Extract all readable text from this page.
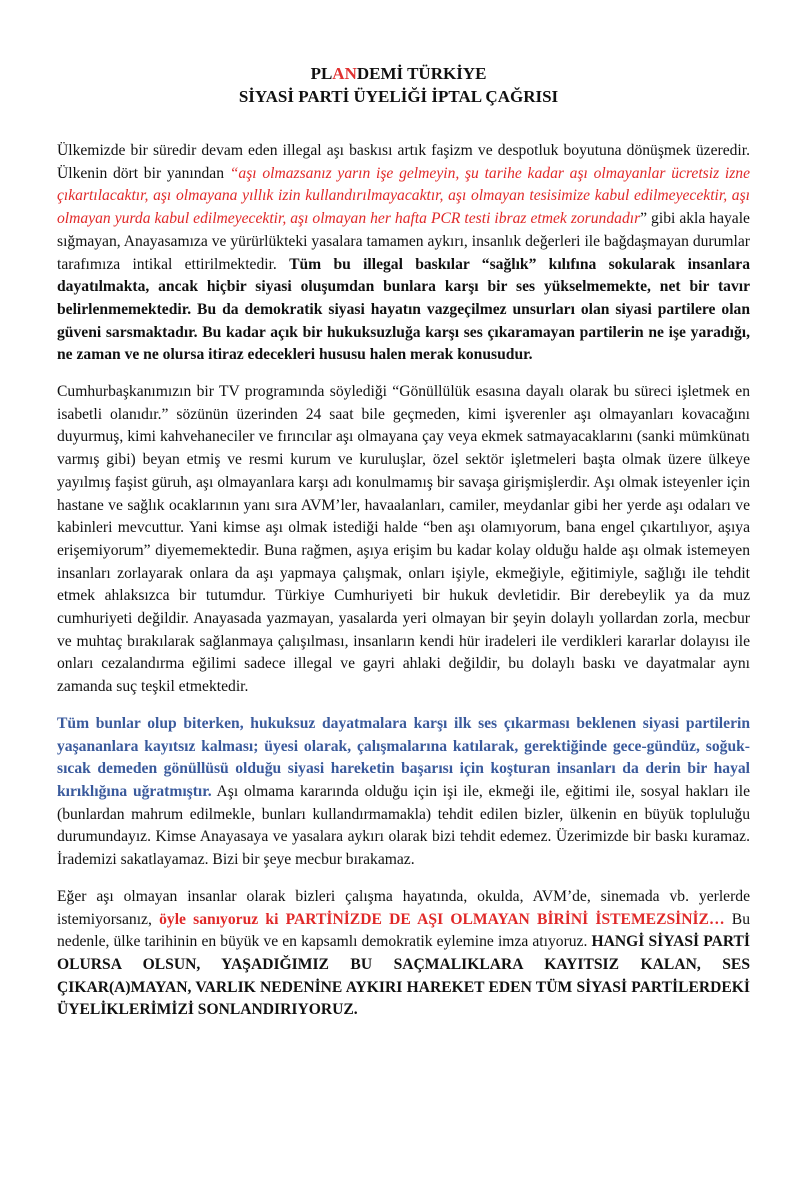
PLANDEMİ TÜRKİYE
SİYASİ PARTİ ÜYELİĞİ İPTAL ÇAĞRISI

Ülkemizde bir süredir devam eden illegal aşı baskısı artık faşizm ve despotluk boyutuna dönüşmek üzeredir. Ülkenin dört bir yanından “aşı olmazsanız yarın işe gelmeyin, şu tarihe kadar aşı olmayanlar ücretsiz izne çıkartılacaktır, aşı olmayana yıllık izin kullandırılmayacaktır, aşı olmayan tesisimize kabul edilmeyecektir, aşı olmayan yurda kabul edilmeyecektir, aşı olmayan her hafta PCR testi ibraz etmek zorundadır” gibi akla hayale sığmayan, Anayasamıza ve yürürlükteki yasalara tamamen aykırı, insanlık değerleri ile bağdaşmayan durumlar tarafımıza intikal ettirilmektedir. Tüm bu illegal baskılar “sağlık” kılıfına sokularak insanlara dayatılmakta, ancak hiçbir siyasi oluşumdan bunlara karşı bir ses yükselmemekte, net bir tavır belirlenmemektedir. Bu da demokratik siyasi hayatın vazgeçilmez unsurları olan siyasi partilere olan güveni sarsmaktadır. Bu kadar açık bir hukuksuzluğa karşı ses çıkaramayan partilerin ne işe yaradığı, ne zaman ve ne olursa itiraz edecekleri hususu halen merak konusudur.

Cumhurbaşkanımızın bir TV programında söylediği “Gönüllülük esasına dayalı olarak bu süreci işletmek en isabetli olanıdır.” sözünün üzerinden 24 saat bile geçmeden, kimi işverenler aşı olmayanları kovacağını duyurmuş, kimi kahvehaneciler ve fırıncılar aşı olmayana çay veya ekmek satmayacaklarını (sanki mümkünatı varmış gibi) beyan etmiş ve resmi kurum ve kuruluşlar, özel sektör işletmeleri başta olmak üzere ülkeye yayılmış faşist güruh, aşı olmayanlara karşı adı konulmamış bir savaşa girişmişlerdir. Aşı olmak isteyenler için hastane ve sağlık ocaklarının yanı sıra AVM’ler, havaalanları, camiler, meydanlar gibi her yerde aşı odaları ve kabinleri mevcuttur. Yani kimse aşı olmak istediği halde “ben aşı olamıyorum, bana engel çıkartılıyor, aşıya erişemiyorum” diyememektedir. Buna rağmen, aşıya erişim bu kadar kolay olduğu halde aşı olmak istemeyen insanları zorlayarak onlara da aşı yapmaya çalışmak, onları işiyle, ekmeğiyle, eğitimiyle, sağlığı ile tehdit etmek ahlaksızca bir tutumdur. Türkiye Cumhuriyeti bir hukuk devletidir. Bir derebeylik ya da muz cumhuriyeti değildir. Anayasada yazmayan, yasalarda yeri olmayan bir şeyin dolaylı yollardan zorla, mecbur ve muhtaç bırakılarak sağlanmaya çalışılması, insanların kendi hür iradeleri ile verdikleri kararlar dolayısı ile onları cezalandırma eğilimi sadece illegal ve gayri ahlaki değildir, bu dolaylı baskı ve dayatmalar aynı zamanda suç teşkil etmektedir.

Tüm bunlar olup biterken, hukuksuz dayatmalara karşı ilk ses çıkarması beklenen siyasi partilerin yaşananlara kayıtsız kalması; üyesi olarak, çalışmalarına katılarak, gerektiğinde gece-gündüz, soğuk-sıcak demeden gönüllüsü olduğu siyasi hareketin başarısı için koşturan insanları da derin bir hayal kırıklığına uğratmıştır. Aşı olmama kararında olduğu için işi ile, ekmeği ile, eğitimi ile, sosyal hakları ile (bunlardan mahrum edilmekle, bunları kullandırmamakla) tehdit edilen bizler, ülkenin en büyük topluluğu durumundayız. Kimse Anayasaya ve yasalara aykırı olarak bizi tehdit edemez. Üzerimizde bir baskı kuramaz. İrademizi sakatlayamaz. Bizi bir şeye mecbur bırakamaz.

Eğer aşı olmayan insanlar olarak bizleri çalışma hayatında, okulda, AVM’de, sinemada vb. yerlerde istemiyorsanız, öyle sanıyoruz ki PARTİNİZDE DE AŞI OLMAYAN BİRİNİ İSTEMEZSİNİZ… Bu nedenle, ülke tarihinin en büyük ve en kapsamlı demokratik eylemine imza atıyoruz. HANGİ SİYASİ PARTİ OLURSA OLSUN, YAŞADIĞIMIZ BU SAÇMALIKLARA KAYITSIZ KALAN, SES ÇIKAR(A)MAYAN, VARLIK NEDENİNE AYKIRI HAREKET EDEN TÜM SİYASİ PARTİLERDEKİ ÜYELİKLERİMİZİ SONLANDIRIYORUZ.
